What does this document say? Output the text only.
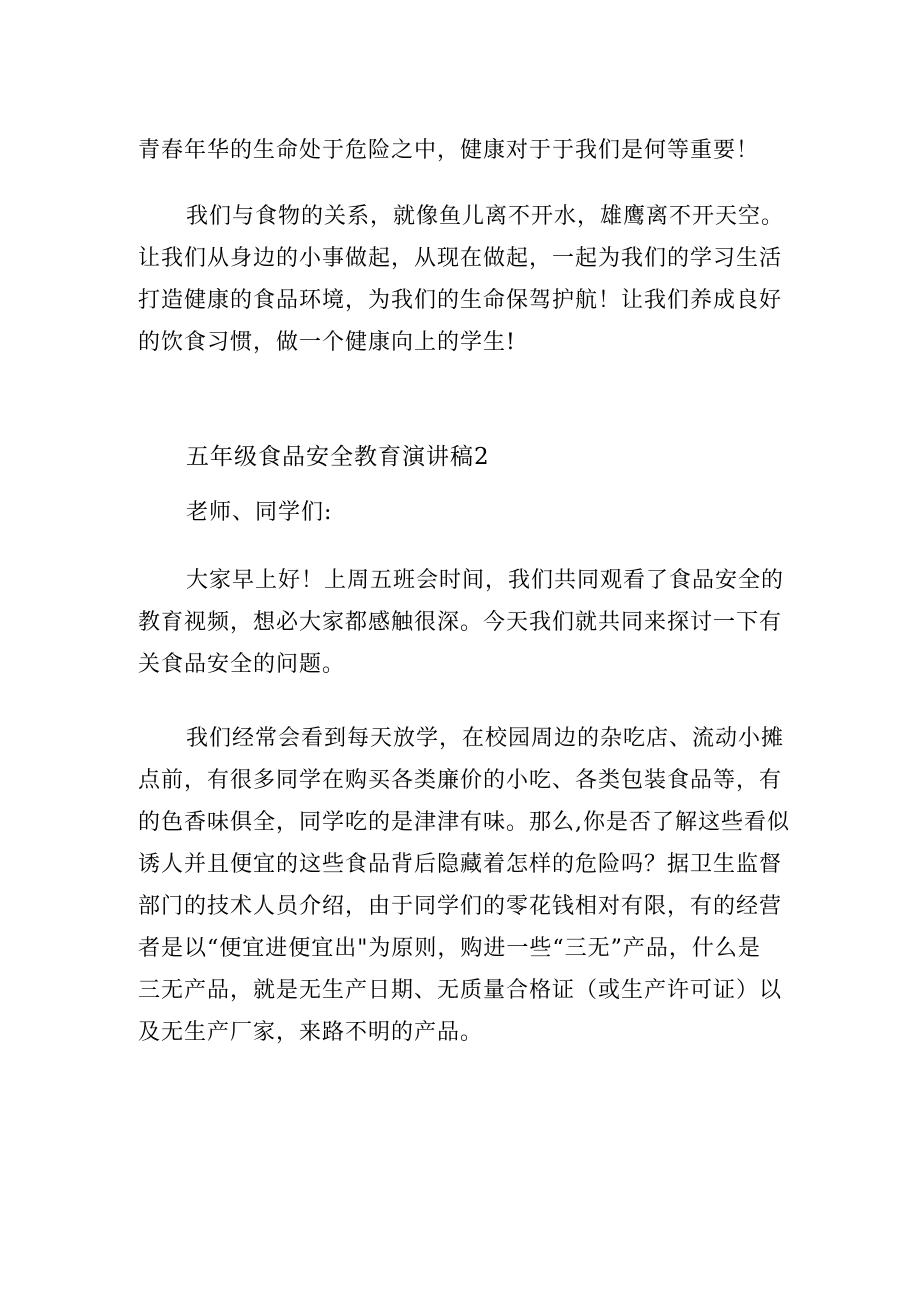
青春年华的生命处于危险之中，健康对于于我们是何等重要！
我们与食物的关系，就像鱼儿离不开水，雄鹰离不开天空。
让我们从身边的小事做起，从现在做起，一起为我们的学习生活
打造健康的食品环境，为我们的生命保驾护航！让我们养成良好
的饮食习惯，做一个健康向上的学生!
五年级食品安全教育演讲稿2
老师、同学们:
大家早上好！上周五班会时间，我们共同观看了食品安全的
教育视频，想必大家都感触很深。今天我们就共同来探讨一下有
关食品安全的问题。
我们经常会看到每天放学，在校园周边的杂吃店、流动小摊
点前，有很多同学在购买各类廉价的小吃、各类包装食品等，有
的色香味俱全，同学吃的是津津有味。那么,你是否了解这些看似
诱人并且便宜的这些食品背后隐藏着怎样的危险吗？据卫生监督
部门的技术人员介绍，由于同学们的零花钱相对有限，有的经营
者是以“便宜进便宜出"为原则，购进一些“三无”产品，什么是
三无产品，就是无生产日期、无质量合格证（或生产许可证）以
及无生产厂家，来路不明的产品。
